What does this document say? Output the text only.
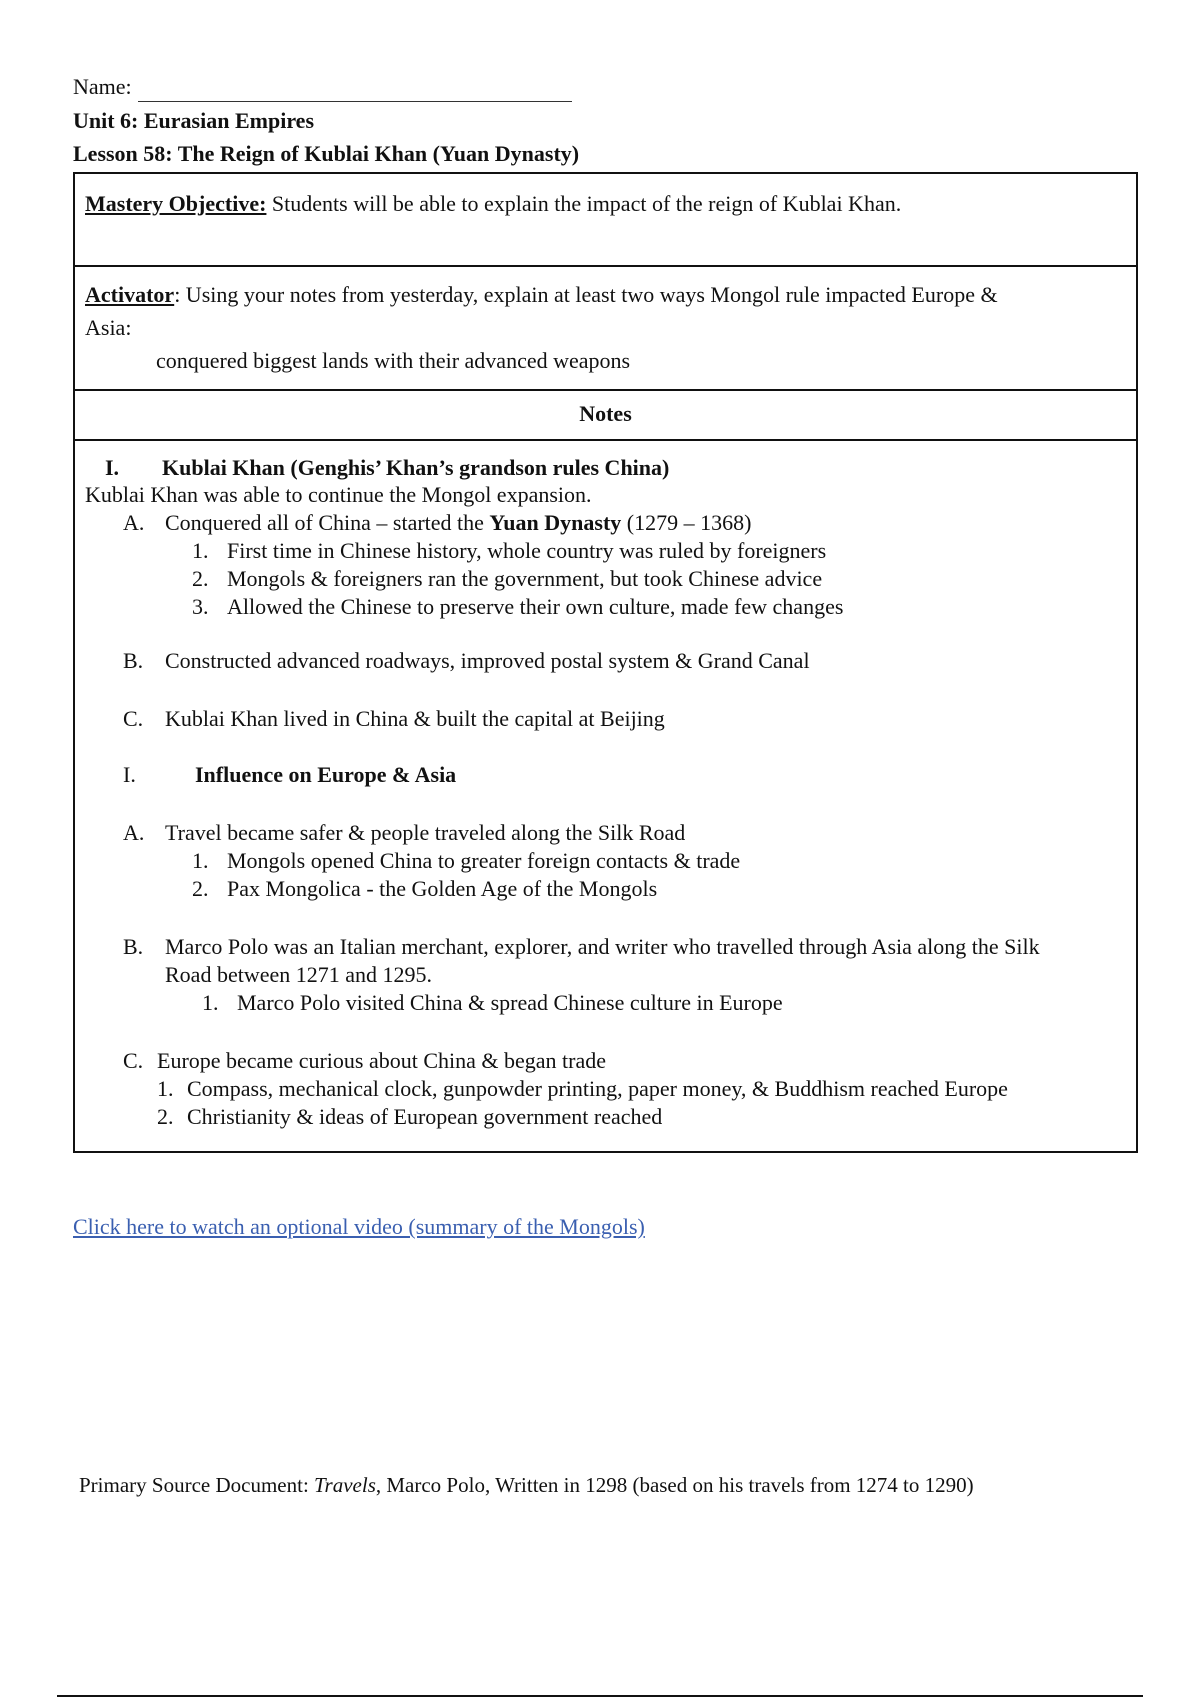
Name:
Unit 6: Eurasian Empires
Lesson 58: The Reign of Kublai Khan (Yuan Dynasty)
Mastery Objective: Students will be able to explain the impact of the reign of Kublai Khan.
Activator: Using your notes from yesterday, explain at least two ways Mongol rule impacted Europe &
Asia:
conquered biggest lands with their advanced weapons
Notes
I. Kublai Khan (Genghis’ Khan’s grandson rules China)
Kublai Khan was able to continue the Mongol expansion.
A. Conquered all of China – started the Yuan Dynasty (1279 – 1368)
1. First time in Chinese history, whole country was ruled by foreigners
2. Mongols & foreigners ran the government, but took Chinese advice
3. Allowed the Chinese to preserve their own culture, made few changes
B. Constructed advanced roadways, improved postal system & Grand Canal
C. Kublai Khan lived in China & built the capital at Beijing
I.	Influence on Europe & Asia
A. Travel became safer & people traveled along the Silk Road
1. Mongols opened China to greater foreign contacts & trade
2. Pax Mongolica - the Golden Age of the Mongols
B. Marco Polo was an Italian merchant, explorer, and writer who travelled through Asia along the Silk
Road between 1271 and 1295.
1. Marco Polo visited China & spread Chinese culture in Europe
C. Europe became curious about China & began trade
1. Compass, mechanical clock, gunpowder printing, paper money, & Buddhism reached Europe
2. Christianity & ideas of European government reached
Click here to watch an optional video (summary of the Mongols)
Primary Source Document: Travels, Marco Polo, Written in 1298 (based on his travels from 1274 to 1290)
